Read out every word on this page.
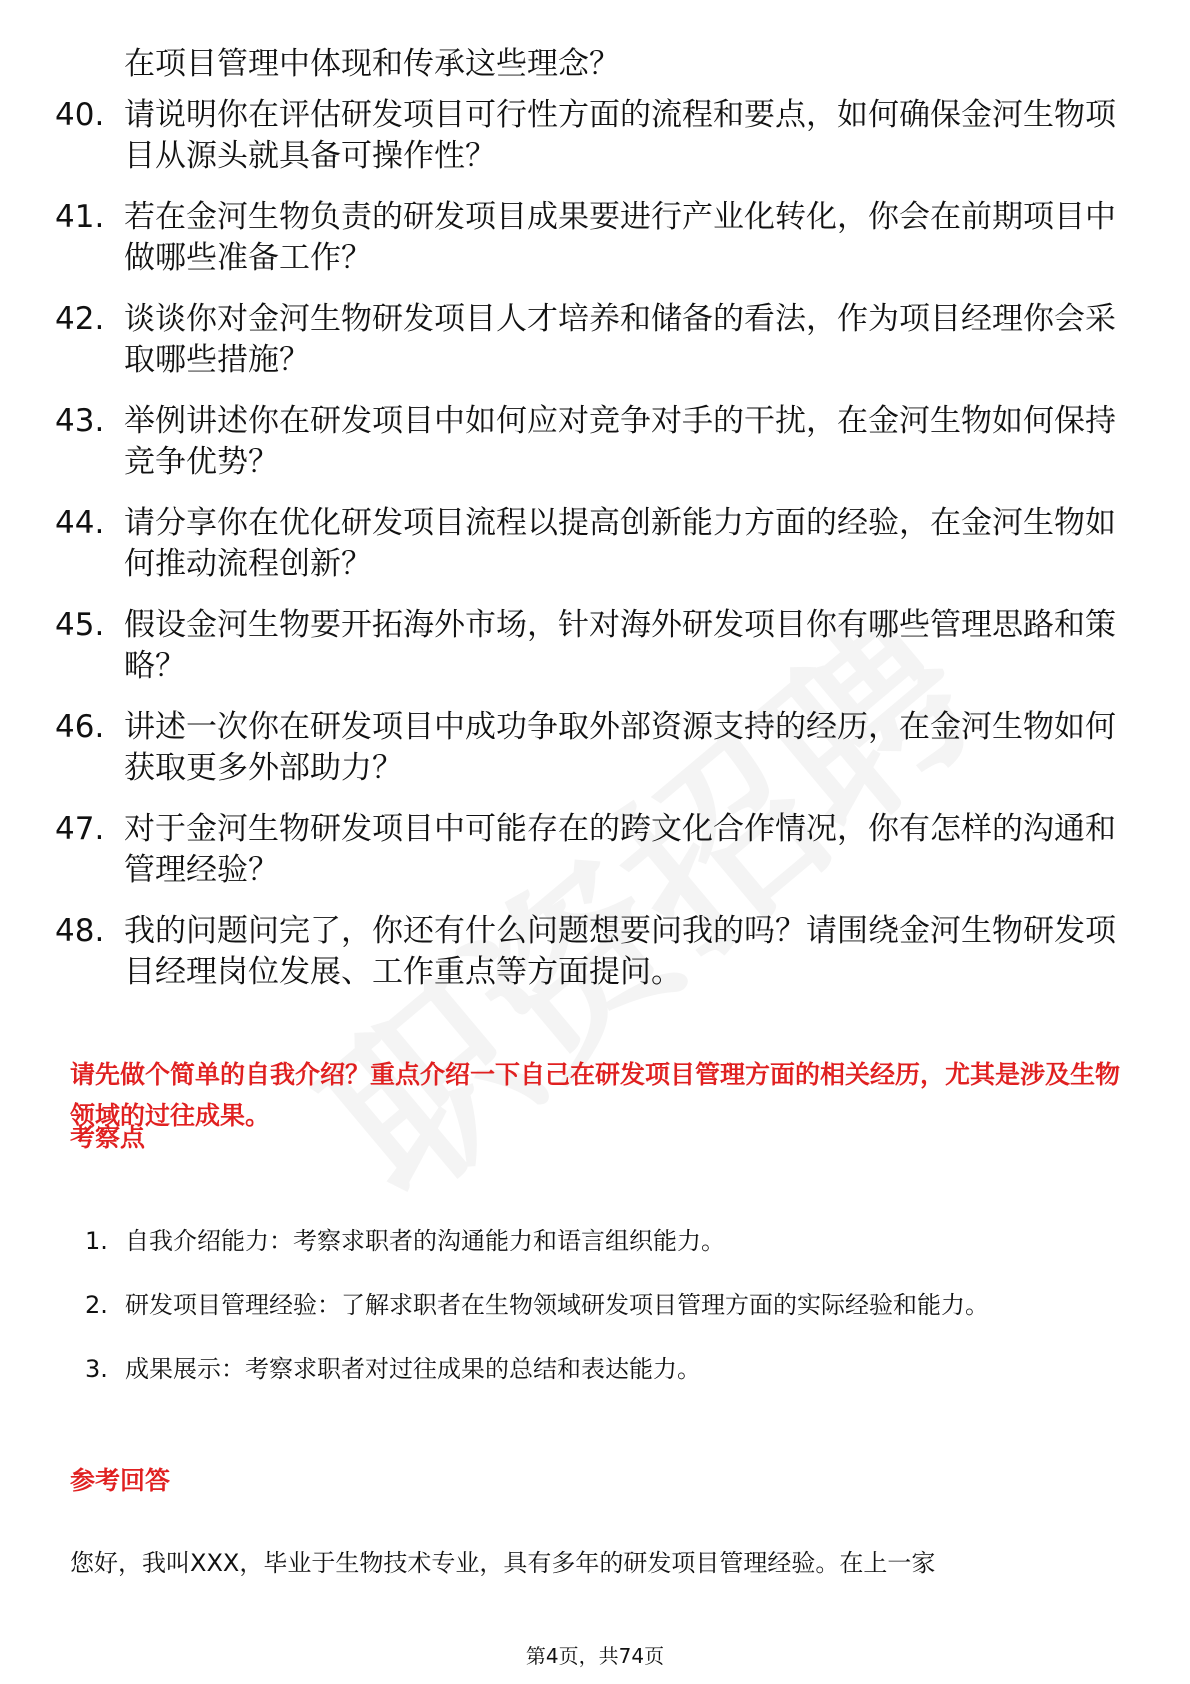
在项目管理中体现和传承这些理念？
40. 请说明你在评估研发项目可行性方面的流程和要点，如何确保金河生物项目从源头就具备可操作性？
41. 若在金河生物负责的研发项目成果要进行产业化转化，你会在前期项目中做哪些准备工作？
42. 谈谈你对金河生物研发项目人才培养和储备的看法，作为项目经理你会采取哪些措施？
43. 举例讲述你在研发项目中如何应对竞争对手的干扰，在金河生物如何保持竞争优势？
44. 请分享你在优化研发项目流程以提高创新能力方面的经验，在金河生物如何推动流程创新？
45. 假设金河生物要开拓海外市场，针对海外研发项目你有哪些管理思路和策略？
46. 讲述一次你在研发项目中成功争取外部资源支持的经历，在金河生物如何获取更多外部助力？
47. 对于金河生物研发项目中可能存在的跨文化合作情况，你有怎样的沟通和管理经验？
48. 我的问题问完了，你还有什么问题想要问我的吗？请围绕金河生物研发项目经理岗位发展、工作重点等方面提问。
请先做个简单的自我介绍？重点介绍一下自己在研发项目管理方面的相关经历，尤其是涉及生物领域的过往成果。
考察点
1. 自我介绍能力：考察求职者的沟通能力和语言组织能力。
2. 研发项目管理经验：了解求职者在生物领域研发项目管理方面的实际经验和能力。
3. 成果展示：考察求职者对过往成果的总结和表达能力。
参考回答
您好，我叫XXX，毕业于生物技术专业，具有多年的研发项目管理经验。在上一家
第4页，共74页
